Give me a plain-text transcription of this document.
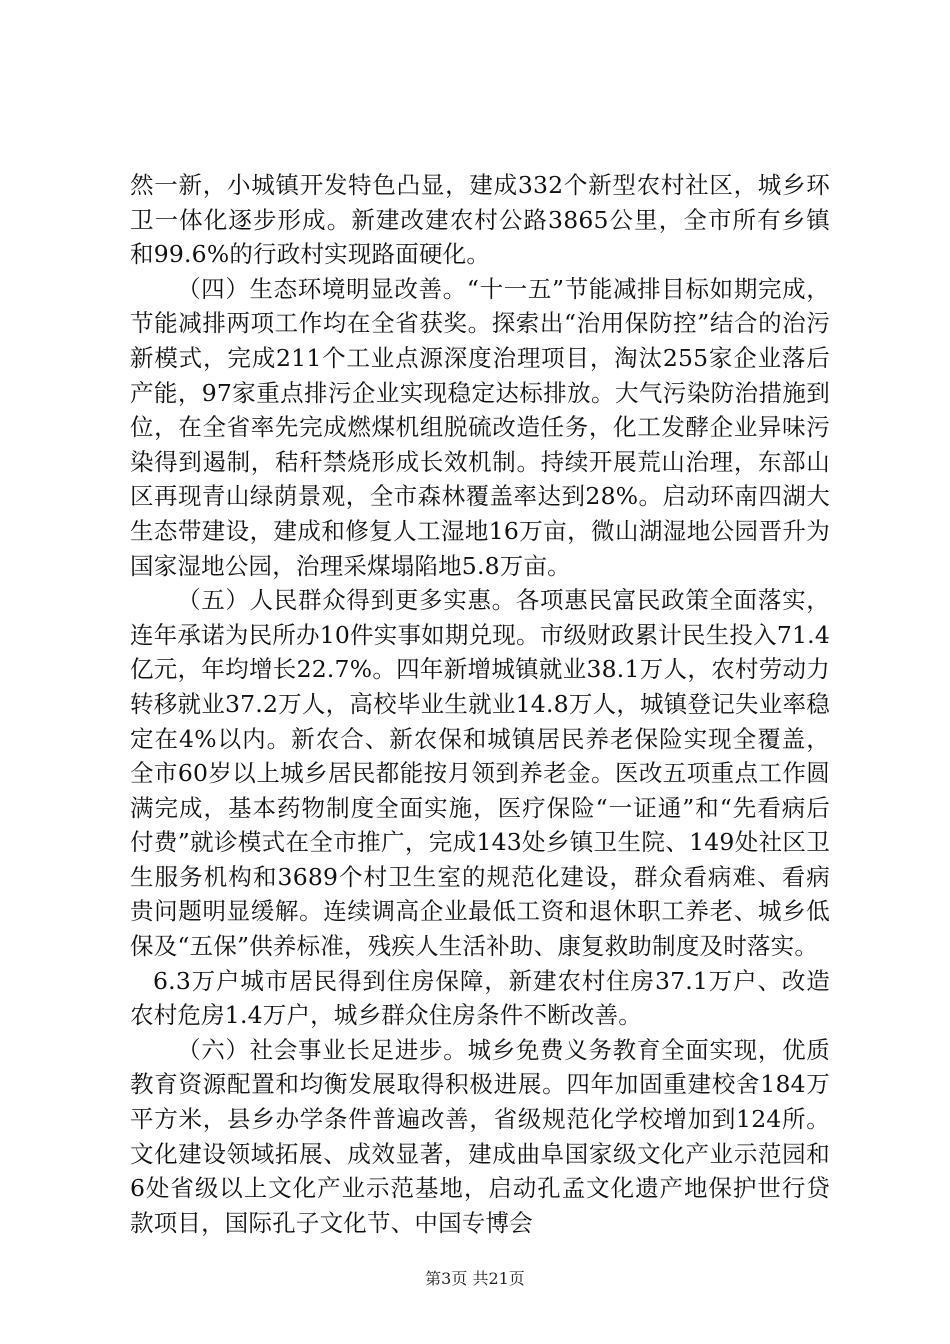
然一新，小城镇开发特色凸显，建成332个新型农村社区，城乡环卫一体化逐步形成。新建改建农村公路3865公里，全市所有乡镇和99.6%的行政村实现路面硬化。

（四）生态环境明显改善。“十一五”节能减排目标如期完成，节能减排两项工作均在全省获奖。探索出“治用保防控”结合的治污新模式，完成211个工业点源深度治理项目，淘汰255家企业落后产能，97家重点排污企业实现稳定达标排放。大气污染防治措施到位，在全省率先完成燃煤机组脱硫改造任务，化工发酵企业异味污染得到遏制，秸秆禁烧形成长效机制。持续开展荒山治理，东部山区再现青山绿荫景观，全市森林覆盖率达到28%。启动环南四湖大生态带建设，建成和修复人工湿地16万亩，微山湖湿地公园晋升为国家湿地公园，治理采煤塌陷地5.8万亩。

（五）人民群众得到更多实惠。各项惠民富民政策全面落实，连年承诺为民所办10件实事如期兑现。市级财政累计民生投入71.4亿元，年均增长22.7%。四年新增城镇就业38.1万人，农村劳动力转移就业37.2万人，高校毕业生就业14.8万人，城镇登记失业率稳定在4%以内。新农合、新农保和城镇居民养老保险实现全覆盖，全市60岁以上城乡居民都能按月领到养老金。医改五项重点工作圆满完成，基本药物制度全面实施，医疗保险“一证通”和“先看病后付费”就诊模式在全市推广，完成143处乡镇卫生院、149处社区卫生服务机构和3689个村卫生室的规范化建设，群众看病难、看病贵问题明显缓解。连续调高企业最低工资和退休职工养老、城乡低保及“五保”供养标准，残疾人生活补助、康复救助制度及时落实。

6.3万户城市居民得到住房保障，新建农村住房37.1万户、改造农村危房1.4万户，城乡群众住房条件不断改善。

（六）社会事业长足进步。城乡免费义务教育全面实现，优质教育资源配置和均衡发展取得积极进展。四年加固重建校舍184万平方米，县乡办学条件普遍改善，省级规范化学校增加到124所。文化建设领域拓展、成效显著，建成曲阜国家级文化产业示范园和6处省级以上文化产业示范基地，启动孔孟文化遗产地保护世行贷款项目，国际孔子文化节、中国专博会

第3页 共21页
